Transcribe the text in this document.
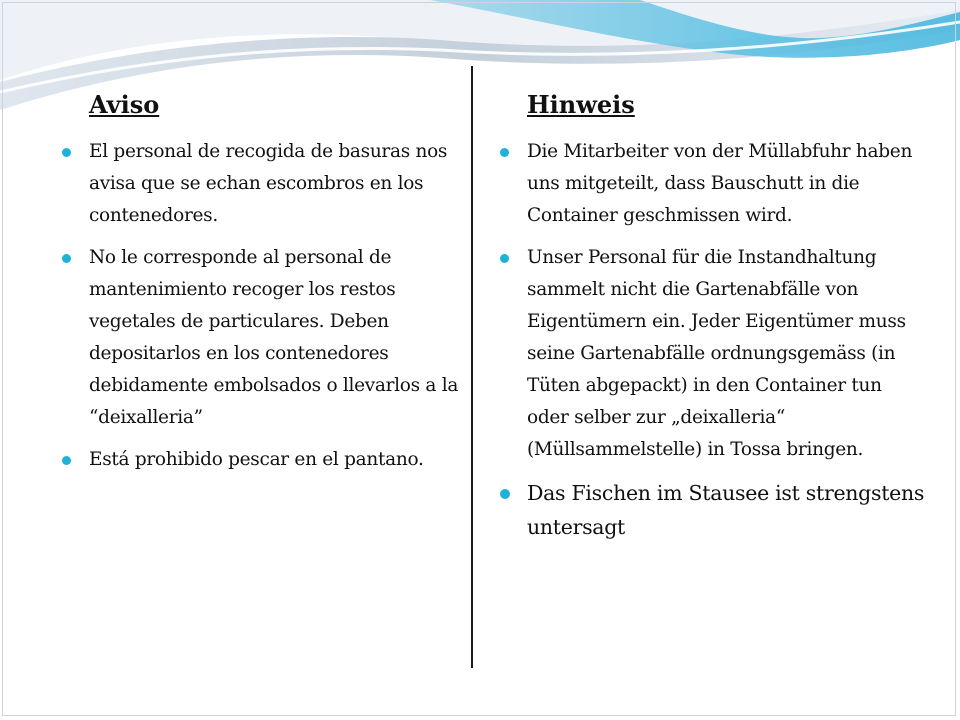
Aviso
El personal de recogida de basuras nos avisa que se echan escombros en los contenedores.
No le corresponde al personal de mantenimiento recoger los restos vegetales de particulares. Deben depositarlos en los contenedores debidamente embolsados o llevarlos a la “deixalleria”
Está prohibido pescar en el pantano.
Hinweis
Die Mitarbeiter von der Müllabfuhr haben uns mitgeteilt, dass Bauschutt in die Container geschmissen wird.
Unser Personal für die Instandhaltung sammelt nicht die Gartenabfälle von Eigentümern ein. Jeder Eigentümer muss seine Gartenabfälle ordnungsgemäss (in Tüten abgepackt) in den Container tun oder selber zur „deixalleria“ (Müllsammelstelle) in Tossa bringen.
Das Fischen im Stausee ist strengstens untersagt
